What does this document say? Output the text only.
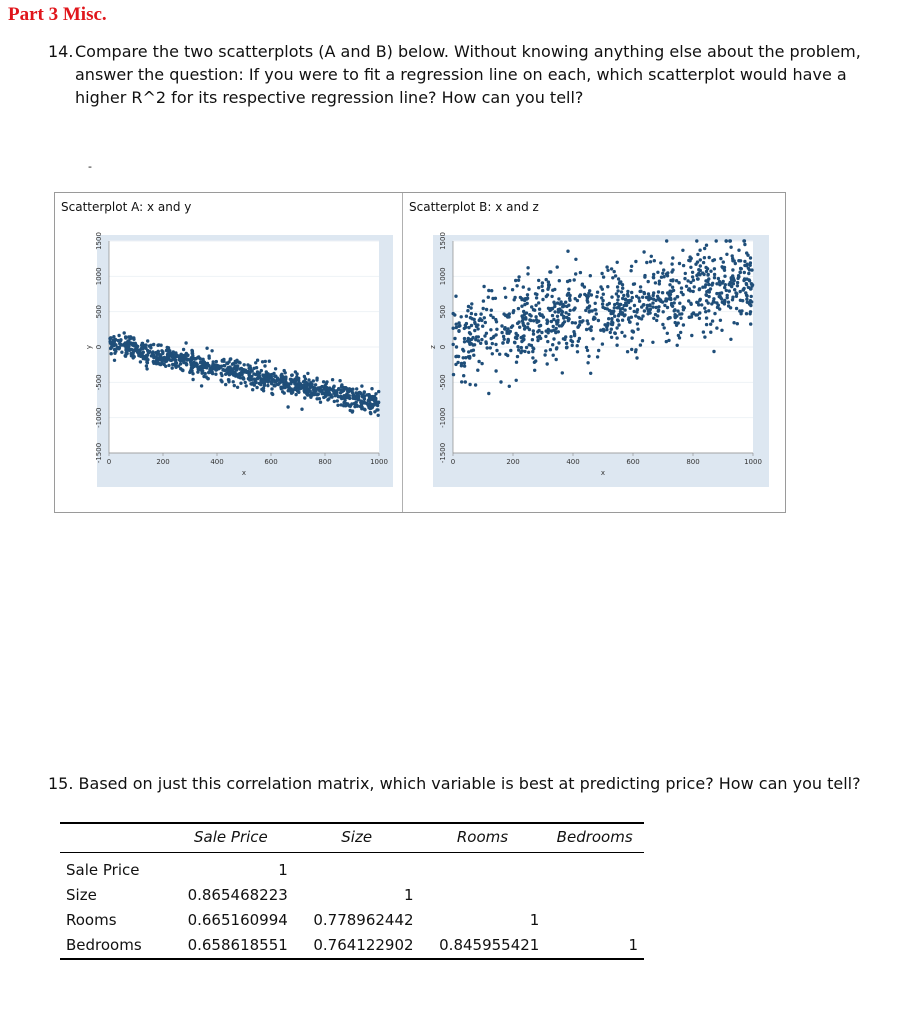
Part 3 Misc.
14. Compare the two scatterplots (A and B) below. Without knowing anything else about the problem, answer the question: If you were to fit a regression line on each, which scatterplot would have a higher R^2 for its respective regression line? How can you tell?
-
Scatterplot A: x and y
-1500
-1000
-500
0
500
1000
1500
0	200	400	600	800	1000
x
y
Scatterplot B: x and z
-1500
-1000
-500
0
500
1000
1500
0	200	400	600	800	1000
x
z
15. Based on just this correlation matrix, which variable is best at predicting price? How can you tell?
	Sale Price	Size	Rooms	Bedrooms
Sale Price	1			
Size	0.865468223	1		
Rooms	0.665160994	0.778962442	1	
Bedrooms	0.658618551	0.764122902	0.845955421	1
